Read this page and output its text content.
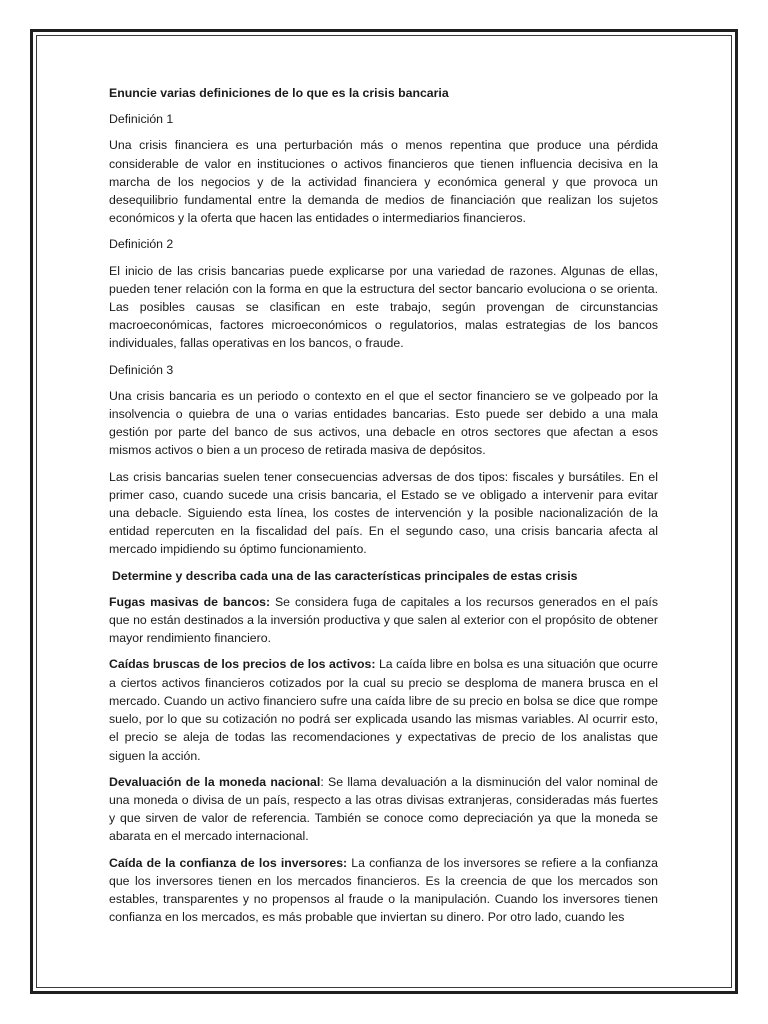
Enuncie varias definiciones de lo que es la crisis bancaria

Definición 1

Una crisis financiera es una perturbación más o menos repentina que produce una pérdida considerable de valor en instituciones o activos financieros que tienen influencia decisiva en la marcha de los negocios y de la actividad financiera y económica general y que provoca un desequilibrio fundamental entre la demanda de medios de financiación que realizan los sujetos económicos y la oferta que hacen las entidades o intermediarios financieros.

Definición 2

El inicio de las crisis bancarias puede explicarse por una variedad de razones. Algunas de ellas, pueden tener relación con la forma en que la estructura del sector bancario evoluciona o se orienta. Las posibles causas se clasifican en este trabajo, según provengan de circunstancias macroeconómicas, factores microeconómicos o regulatorios, malas estrategias de los bancos individuales, fallas operativas en los bancos, o fraude.

Definición 3

Una crisis bancaria es un periodo o contexto en el que el sector financiero se ve golpeado por la insolvencia o quiebra de una o varias entidades bancarias. Esto puede ser debido a una mala gestión por parte del banco de sus activos, una debacle en otros sectores que afectan a esos mismos activos o bien a un proceso de retirada masiva de depósitos.

Las crisis bancarias suelen tener consecuencias adversas de dos tipos: fiscales y bursátiles. En el primer caso, cuando sucede una crisis bancaria, el Estado se ve obligado a intervenir para evitar una debacle. Siguiendo esta línea, los costes de intervención y la posible nacionalización de la entidad repercuten en la fiscalidad del país. En el segundo caso, una crisis bancaria afecta al mercado impidiendo su óptimo funcionamiento.

Determine y describa cada una de las características principales de estas crisis

Fugas masivas de bancos: Se considera fuga de capitales a los recursos generados en el país que no están destinados a la inversión productiva y que salen al exterior con el propósito de obtener mayor rendimiento financiero.

Caídas bruscas de los precios de los activos: La caída libre en bolsa es una situación que ocurre a ciertos activos financieros cotizados por la cual su precio se desploma de manera brusca en el mercado. Cuando un activo financiero sufre una caída libre de su precio en bolsa se dice que rompe suelo, por lo que su cotización no podrá ser explicada usando las mismas variables. Al ocurrir esto, el precio se aleja de todas las recomendaciones y expectativas de precio de los analistas que siguen la acción.

Devaluación de la moneda nacional: Se llama devaluación a la disminución del valor nominal de una moneda o divisa de un país, respecto a las otras divisas extranjeras, consideradas más fuertes y que sirven de valor de referencia. También se conoce como depreciación ya que la moneda se abarata en el mercado internacional.

Caída de la confianza de los inversores: La confianza de los inversores se refiere a la confianza que los inversores tienen en los mercados financieros. Es la creencia de que los mercados son estables, transparentes y no propensos al fraude o la manipulación. Cuando los inversores tienen confianza en los mercados, es más probable que inviertan su dinero. Por otro lado, cuando les
